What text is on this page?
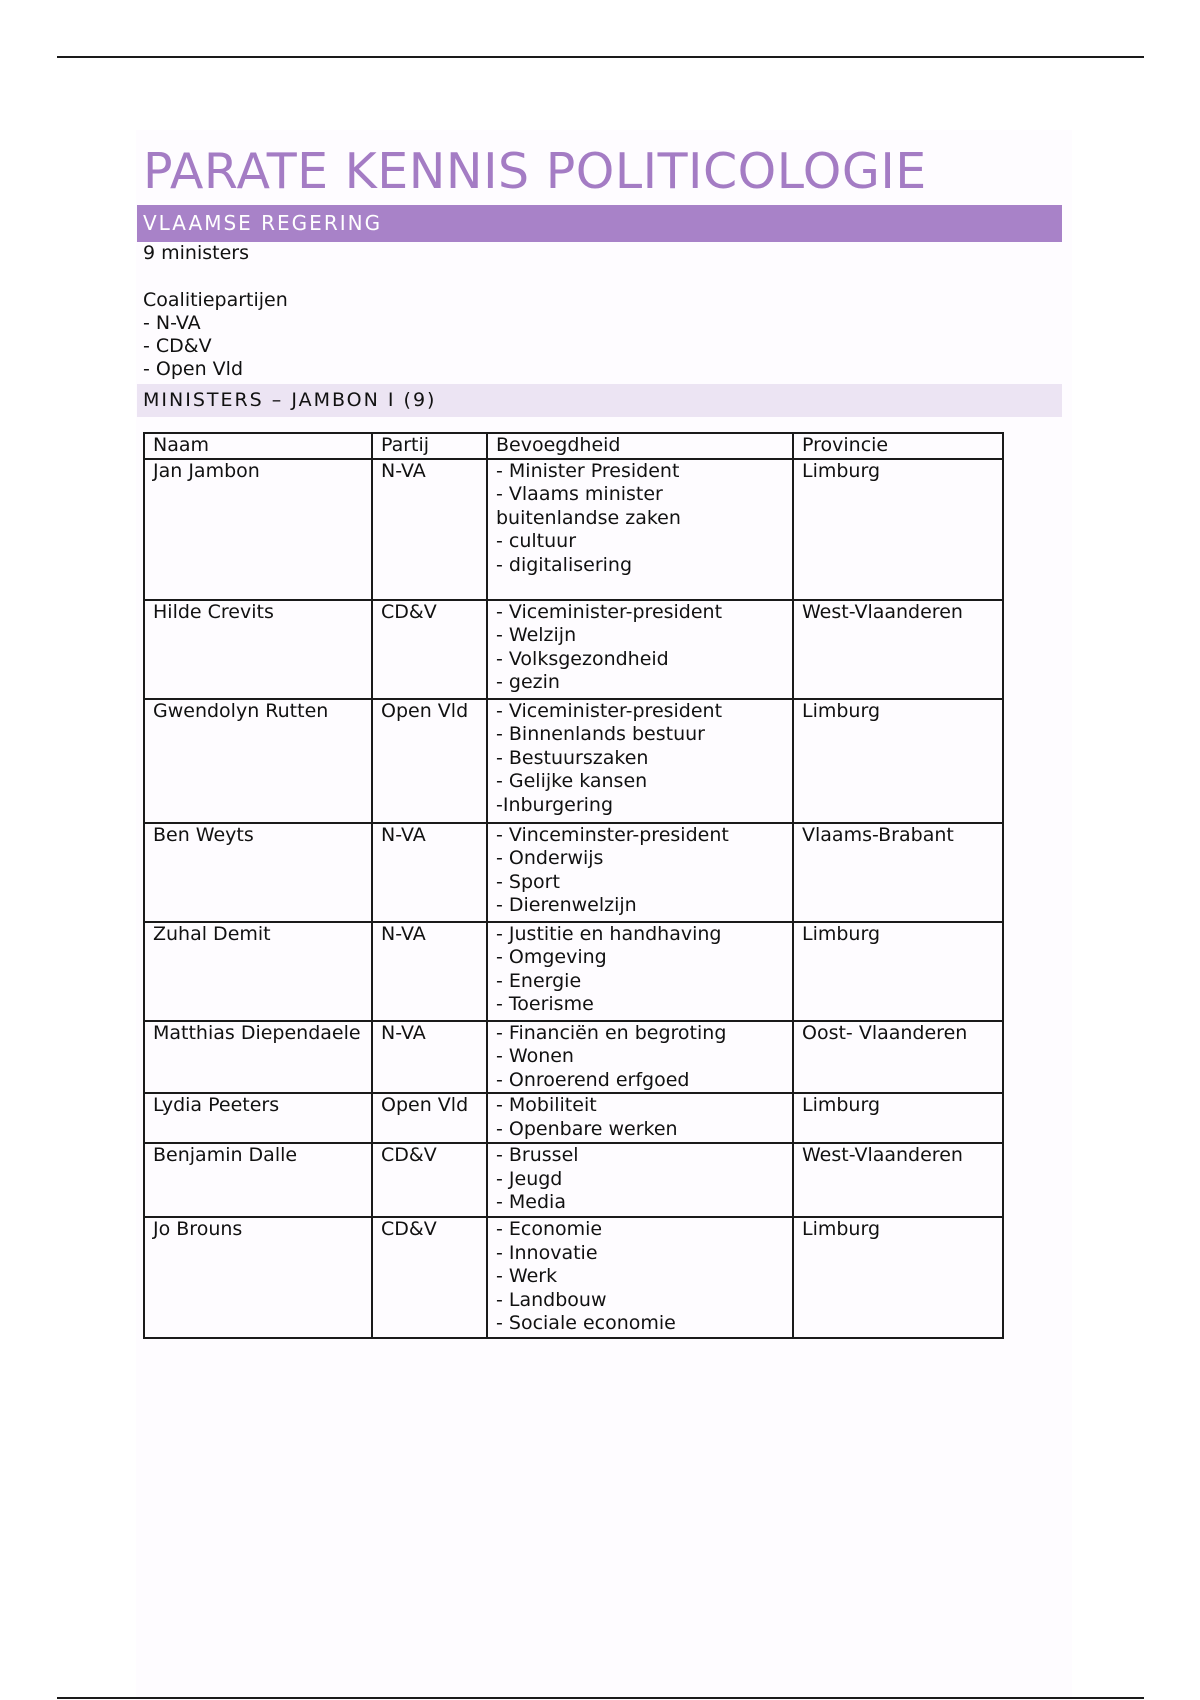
PARATE KENNIS POLITICOLOGIE
VLAAMSE REGERING
9 ministers
Coalitiepartijen
- N-VA
- CD&V
- Open Vld
MINISTERS – JAMBON I (9)
Naam	Partij	Bevoegdheid	Provincie
Jan Jambon	N-VA	- Minister President
- Vlaams minister buitenlandse zaken
- cultuur
- digitalisering	Limburg
Hilde Crevits	CD&V	- Viceminister-president
- Welzijn
- Volksgezondheid
- gezin	West-Vlaanderen
Gwendolyn Rutten	Open Vld	- Viceminister-president
- Binnenlands bestuur
- Bestuurszaken
- Gelijke kansen
-Inburgering	Limburg
Ben Weyts	N-VA	- Vinceminster-president
- Onderwijs
- Sport
- Dierenwelzijn	Vlaams-Brabant
Zuhal Demit	N-VA	- Justitie en handhaving
- Omgeving
- Energie
- Toerisme	Limburg
Matthias Diependaele	N-VA	- Financiën en begroting
- Wonen
- Onroerend erfgoed	Oost- Vlaanderen
Lydia Peeters	Open Vld	- Mobiliteit
- Openbare werken	Limburg
Benjamin Dalle	CD&V	- Brussel
- Jeugd
- Media	West-Vlaanderen
Jo Brouns	CD&V	- Economie
- Innovatie
- Werk
- Landbouw
- Sociale economie	Limburg
